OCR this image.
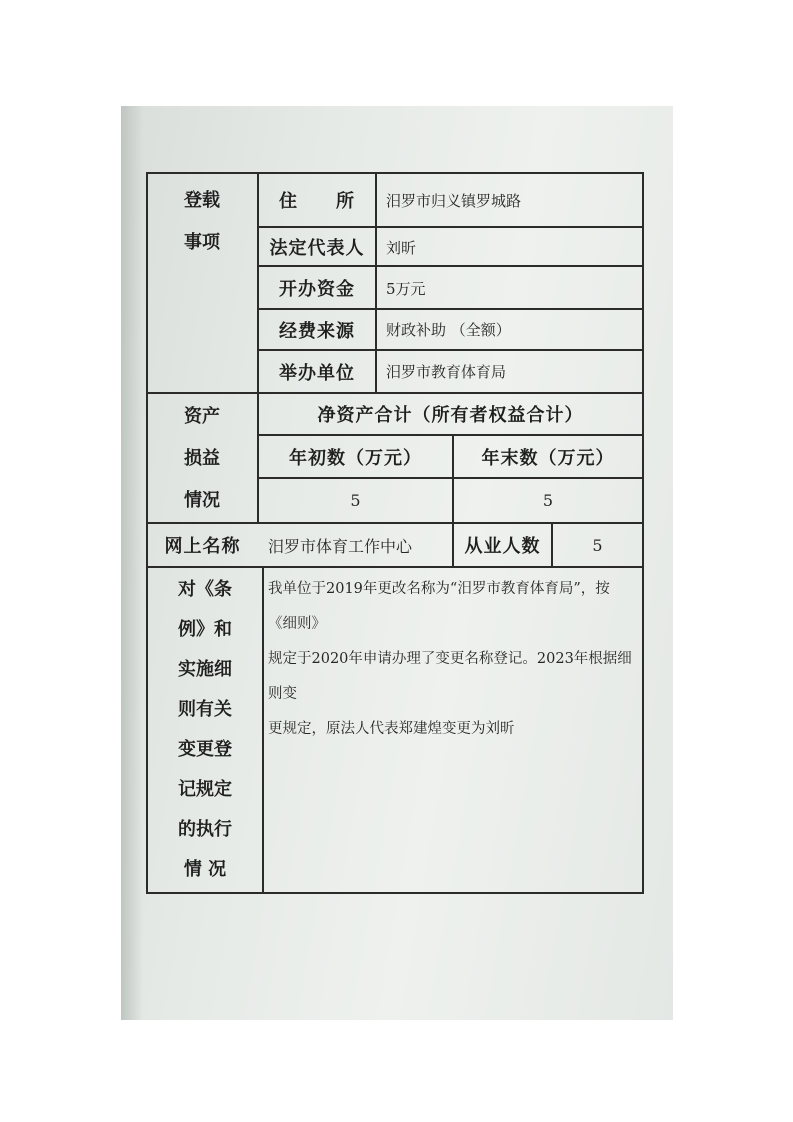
登载
事项
住　　所	汨罗市归义镇罗城路
法定代表人	刘昕
开办资金	5万元
经费来源	财政补助 （全额）
举办单位	汨罗市教育体育局
资产
损益
情况
净资产合计（所有者权益合计）
年初数（万元）	年末数（万元）
5	5
网上名称	汨罗市体育工作中心	从业人数	5
对《条
例》和
实施细
则有关
变更登
记规定
的执行
情 况
我单位于2019年更改名称为“汨罗市教育体育局”，按《细则》
规定于2020年申请办理了变更名称登记。2023年根据细则变
更规定，原法人代表郑建煌变更为刘昕
